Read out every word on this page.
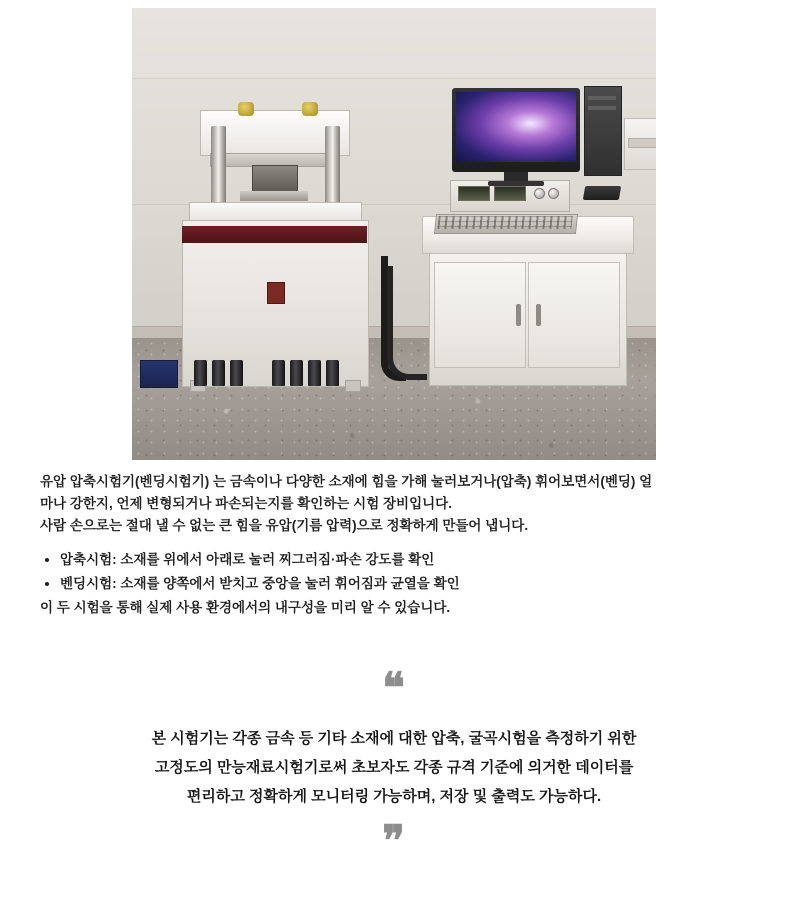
유압 압축시험기(벤딩시험기) 는 금속이나 다양한 소재에 힘을 가해 눌러보거나(압축) 휘어보면서(벤딩) 얼

마나 강한지, 언제 변형되거나 파손되는지를 확인하는 시험 장비입니다.

사람 손으로는 절대 낼 수 없는 큰 힘을 유압(기름 압력)으로 정확하게 만들어 냅니다.

• 압축시험: 소재를 위에서 아래로 눌러 찌그러짐·파손 강도를 확인
• 벤딩시험: 소재를 양쪽에서 받치고 중앙을 눌러 휘어짐과 균열을 확인

이 두 시험을 통해 실제 사용 환경에서의 내구성을 미리 알 수 있습니다.

❝
본 시험기는 각종 금속 등 기타 소재에 대한 압축, 굴곡시험을 측정하기 위한
고정도의 만능재료시험기로써 초보자도 각종 규격 기준에 의거한 데이터를
편리하고 정확하게 모니터링 가능하며, 저장 및 출력도 가능하다.
❞
